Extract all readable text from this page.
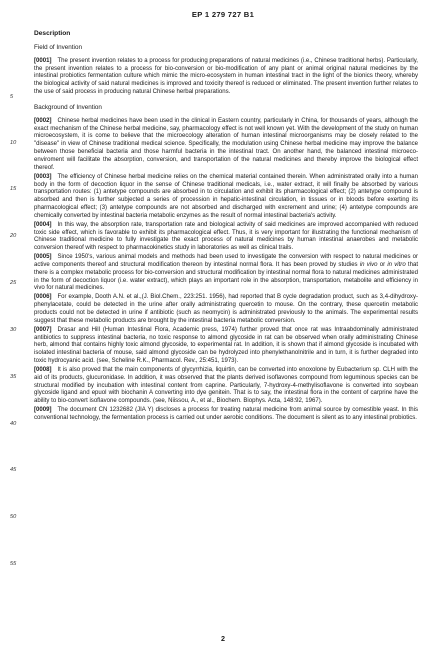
EP 1 279 727 B1
5
10
15
20
25
30
35
40
45
50
55
Description
Field of Invention

[0001] The present invention relates to a process for producing preparations of natural medicines (i.e., Chinese traditional herbs). Particularly, the present invention relates to a process for bio-conversion or bio-modification of any plant or animal original natural medicines by the intestinal probiotics fermentation culture which mimic the micro-ecosystem in human intestinal tract in the light of the bionics theory, whereby the biological activity of said natural medicines is improved and toxicity thereof is reduced or eliminated. The present invention further relates to the use of said process in producing natural Chinese herbal preparations.

Background of Invention

[0002] Chinese herbal medicines have been used in the clinical in Eastern country, particularly in China, for thousands of years, although the exact mechanism of the Chinese herbal medicine, say, pharmacology effect is not well known yet. With the development of the study on human microecosystem, it is come to believe that the microecology alteration of human intestinal microorganisms may be closely related to the "disease" in view of Chinese traditional medical science. Specifically, the modulation using Chinese herbal medicine may improve the balance between those beneficial bacteria and those harmful bacteria in the intestinal tract. On another hand, the balanced intestinal microeco- enviroment will facilitate the absorption, conversion, and transportation of the natural medicines and thereby improve the biological effect thereof.

[0003] The efficiency of Chinese herbal medicine relies on the chemical material contained therein. When administrated orally into a human body in the form of decoction liquor in the sense of Chinese traditional medicals, i.e., water extract, it will finally be absorbed by various transportation routes: (1) antetype compounds are absorbed in to circulation and exhibit its pharmacological effect; (2) antetype compound is absorbed and then is further subjected a series of procession in hepatic-intestinal circulation, in tissues or in bloods before exerting its pharmacological effect; (3) antetype compounds are not absorbed and discharged with excrement and urine; (4) antetype compounds are chemically converted by intestinal bacteria metabolic enzymes as the result of normal intestinal bacteria's activity.

[0004] In this way, the absorption rate, transportation rate and biological activity of said medicines are improved accompanied with reduced toxic side effect, which is favorable to exhibit its pharmacological effect. Thus, it is very important for illustrating the functional mechanism of Chinese traditional medicine to fully investigate the exact process of natural medicines by human intestinal anaerobes and metabolic conversion thereof with respect to pharmacokinetics study in laboratories as well as clinical trails.

[0005] Since 1950's, various animal models and methods had been used to investigate the conversion with respect to natural medicines or active components thereof and structural modification thereon by intestinal normal flora. It has been proved by studies in vivo or in vitro that there is a complex metabolic process for bio-conversion and structural modification by intestinal normal flora to natural medicines administrated in the form of decoction liquor (i.e. water extract), which plays an important role in the absorption, transportation, metabolite and efficiency in vivo for natural medicines.

[0006] For example, Dooth A.N. et al.,(J. Biol.Chem., 223:251. 1956), had reported that B cycle degradation product, such as 3,4-dihydroxy-phenylacetate, could be detected in the urine after orally administrating quercetin to mouse. On the contrary, these quercetin metabolic products could not be detected in urine if antibiotic (such as neomycin) is administrated previously to the animals. The experimental results suggest that these metabolic products are brought by the intestinal bacteria metabolic conversion.

[0007] Drasar and Hill (Human Intestinal Flora, Academic press, 1974) further proved that once rat was Intraabdominally administrated antibiotics to suppress intestinal bacteria, no toxic response to almond glycoside in rat can be observed when orally administrating Chinese herb, almond that contains highly toxic almond glycoside, to experimental rat. In addition, it is shown that if almond glycoside is incubated with isolated intestinal bacteria of mouse, said almond glycoside can be hydrolyzed into phenylethanolnitrile and in turn, it is further degraded into toxic hydrocyanic acid. (see, Scheline R.K., Pharmacol. Rev., 25:451, 1973).

[0008] It is also proved that the main components of glycyrrhizia, liquirtin, can be converted into enoxolone by Eubacterium sp. CLH with the aid of its products, glucuronidase. In addition, it was observed that the plants derived isoflavones compound from leguminous species can be structural modified by incubation with intestinal content from caprine. Particularly, 7-hydroxy-4-methylisoflavone is converted into soybean glycoside ligand and epuol with biochanin A converting into dye genitein. That is to say, the intestinal flora in the content of carprine have the ability to bio-convert isoflavone compounds. (see, Niissou, A., et al., Biochem. Biophys. Acta, 148:92, 1967).

[0009] The document CN 1232682 (JIA Y) discloses a process for treating natural medicine from animal source by comestible yeast. In this conventional technology, the fermentation process is carried out under aerobic conditions. The document is silent as to any intestinal probiotics.

2
